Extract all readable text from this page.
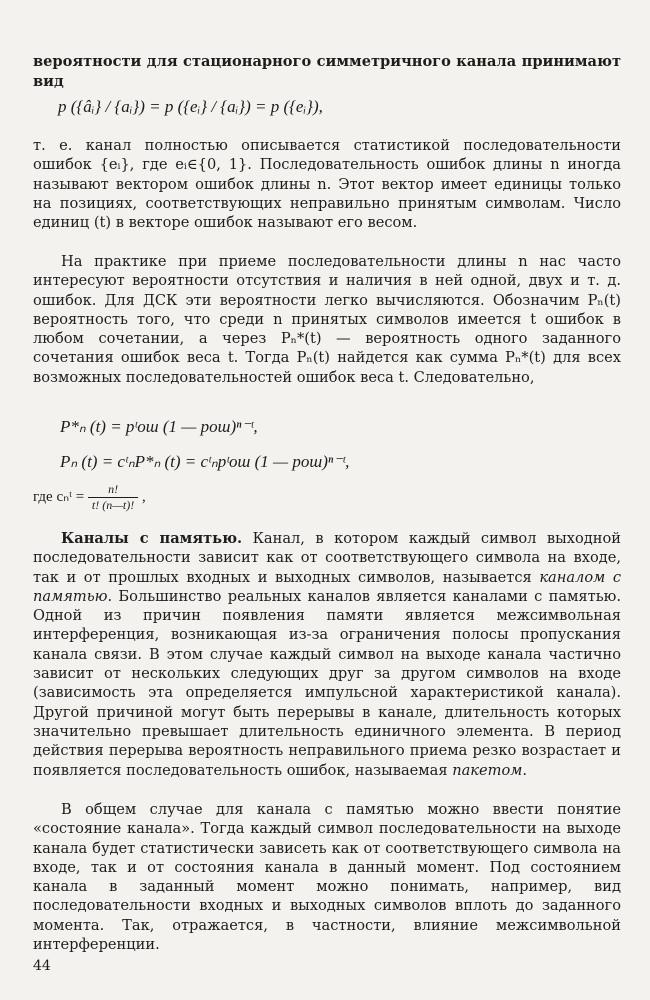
вероятности для стационарного симметричного канала принимают вид

p ({âᵢ} / {aᵢ}) = p ({eᵢ} / {aᵢ}) = p ({eᵢ}),

т. е. канал полностью описывается статистикой последовательности ошибок {eᵢ}, где eᵢ∈{0, 1}. Последовательность ошибок длины n иногда называют вектором ошибок длины n. Этот вектор имеет единицы только на позициях, соответствующих неправильно принятым символам. Число единиц (t) в векторе ошибок называют его весом.

На практике при приеме последовательности длины n нас часто интересуют вероятности отсутствия и наличия в ней одной, двух и т. д. ошибок. Для ДСК эти вероятности легко вычисляются. Обозначим Pₙ(t) вероятность того, что среди n принятых символов имеется t ошибок в любом сочетании, а через Pₙ*(t) — вероятность одного заданного сочетания ошибок веса t. Тогда Pₙ(t) найдется как сумма Pₙ*(t) для всех возможных последовательностей ошибок веса t. Следовательно,

P*ₙ (t) = pᵗош (1 — pош)ⁿ⁻ᵗ,

Pₙ (t) = cᵗₙP*ₙ (t) = cᵗₙpᵗош (1 — pош)ⁿ⁻ᵗ,

где cₙᵗ = $\frac{n!}{t! (n—t)!}$ ,

Каналы с памятью. Канал, в котором каждый символ выходной последовательности зависит как от соответствующего символа на входе, так и от прошлых входных и выходных символов, называется каналом с памятью. Большинство реальных каналов является каналами с памятью. Одной из причин появления памяти является межсимвольная интерференция, возникающая из-за ограничения полосы пропускания канала связи. В этом случае каждый символ на выходе канала частично зависит от нескольких следующих друг за другом символов на входе (зависимость эта определяется импульсной характеристикой канала). Другой причиной могут быть перерывы в канале, длительность которых значительно превышает длительность единичного элемента. В период действия перерыва вероятность неправильного приема резко возрастает и появляется последовательность ошибок, называемая пакетом.

В общем случае для канала с памятью можно ввести понятие «состояние канала». Тогда каждый символ последовательности на выходе канала будет статистически зависеть как от соответствующего символа на входе, так и от состояния канала в данный момент. Под состоянием канала в заданный момент можно понимать, например, вид последовательности входных и выходных символов вплоть до заданного момента. Так, отражается, в частности, влияние межсимвольной интерференции.

44
